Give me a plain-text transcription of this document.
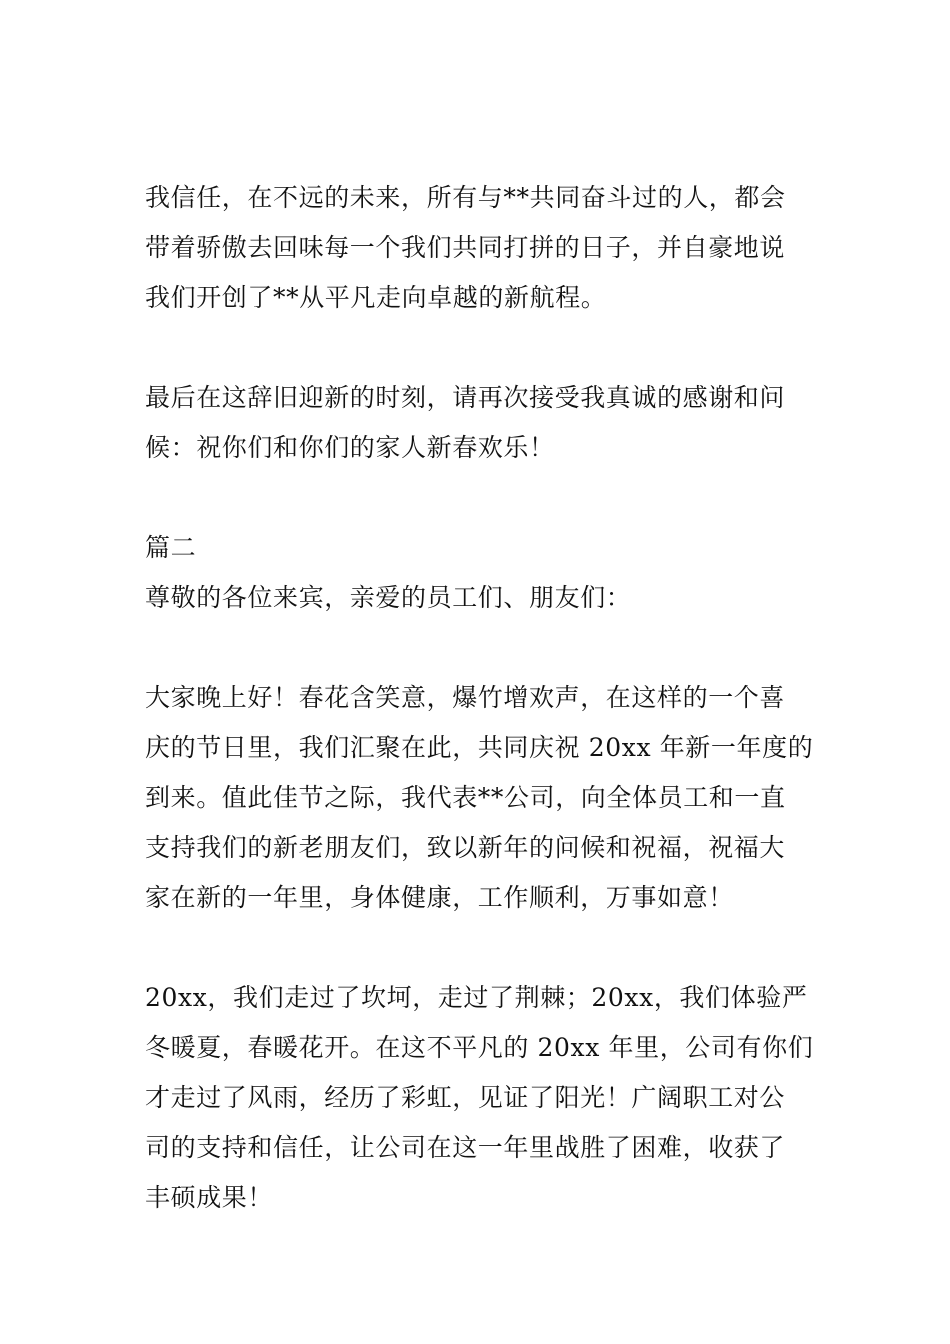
我信任，在不远的未来，所有与**共同奋斗过的人，都会
带着骄傲去回味每一个我们共同打拼的日子，并自豪地说
我们开创了**从平凡走向卓越的新航程。
最后在这辞旧迎新的时刻，请再次接受我真诚的感谢和问
候：祝你们和你们的家人新春欢乐！
篇二
尊敬的各位来宾，亲爱的员工们、朋友们：
大家晚上好！春花含笑意，爆竹增欢声，在这样的一个喜
庆的节日里，我们汇聚在此，共同庆祝 20xx 年新一年度的
到来。值此佳节之际，我代表**公司，向全体员工和一直
支持我们的新老朋友们，致以新年的问候和祝福，祝福大
家在新的一年里，身体健康，工作顺利，万事如意！
20xx，我们走过了坎坷，走过了荆棘；20xx，我们体验严
冬暖夏，春暖花开。在这不平凡的 20xx 年里，公司有你们
才走过了风雨，经历了彩虹，见证了阳光！广阔职工对公
司的支持和信任，让公司在这一年里战胜了困难，收获了
丰硕成果！
